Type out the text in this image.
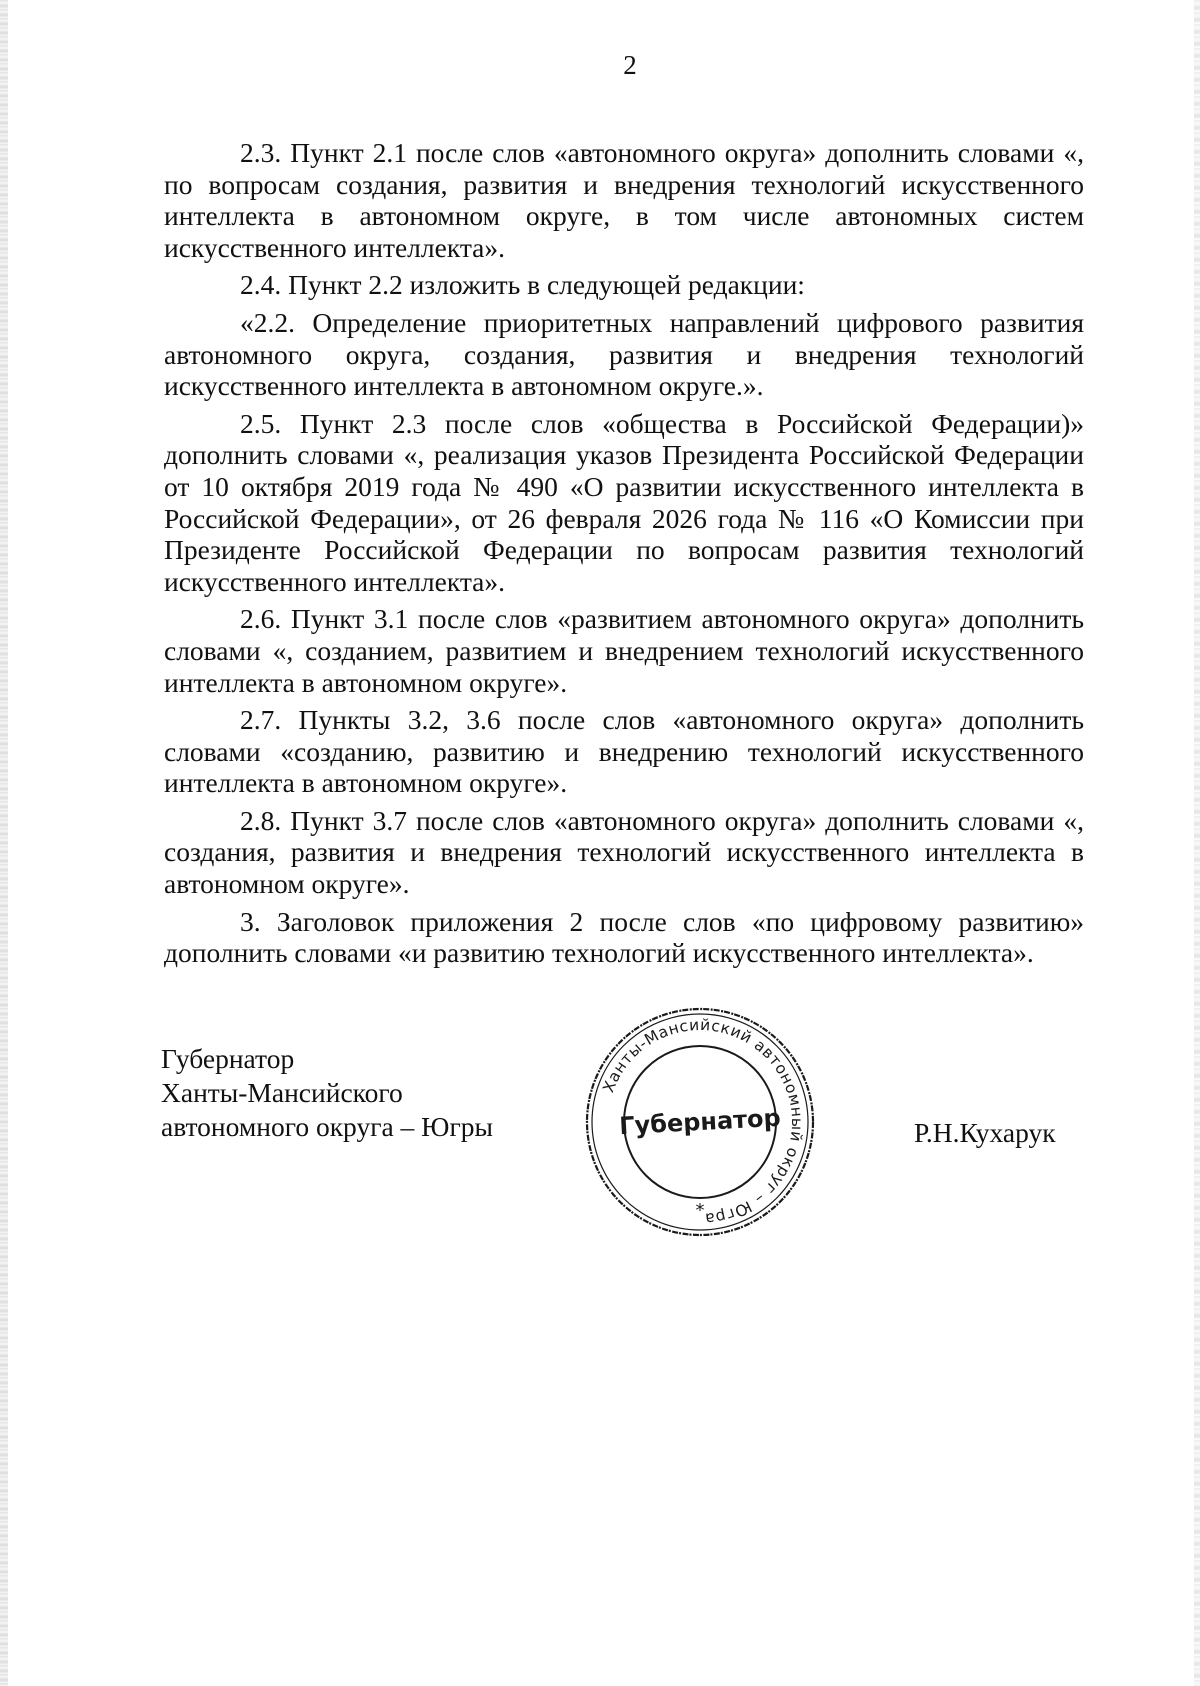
2

2.3. Пункт 2.1 после слов «автономного округа» дополнить словами «, по вопросам создания, развития и внедрения технологий искусственного интеллекта в автономном округе, в том числе автономных систем искусственного интеллекта».

2.4. Пункт 2.2 изложить в следующей редакции:

«2.2. Определение приоритетных направлений цифрового развития автономного округа, создания, развития и внедрения технологий искусственного интеллекта в автономном округе.».

2.5. Пункт 2.3 после слов «общества в Российской Федерации)» дополнить словами «, реализация указов Президента Российской Федерации от 10 октября 2019 года № 490 «О развитии искусственного интеллекта в Российской Федерации», от 26 февраля 2026 года № 116 «О Комиссии при Президенте Российской Федерации по вопросам развития технологий искусственного интеллекта».

2.6. Пункт 3.1 после слов «развитием автономного округа» дополнить словами «, созданием, развитием и внедрением технологий искусственного интеллекта в автономном округе».

2.7. Пункты 3.2, 3.6 после слов «автономного округа» дополнить словами «созданию, развитию и внедрению технологий искусственного интеллекта в автономном округе».

2.8. Пункт 3.7 после слов «автономного округа» дополнить словами «, создания, развития и внедрения технологий искусственного интеллекта в автономном округе».

3. Заголовок приложения 2 после слов «по цифровому развитию» дополнить словами «и развитию технологий искусственного интеллекта».

Губернатор
Ханты-Мансийского
автономного округа – Югры
Ханты-Мансийский автономный округ – Югра
Губернатор
*
Р.Н.Кухарук
